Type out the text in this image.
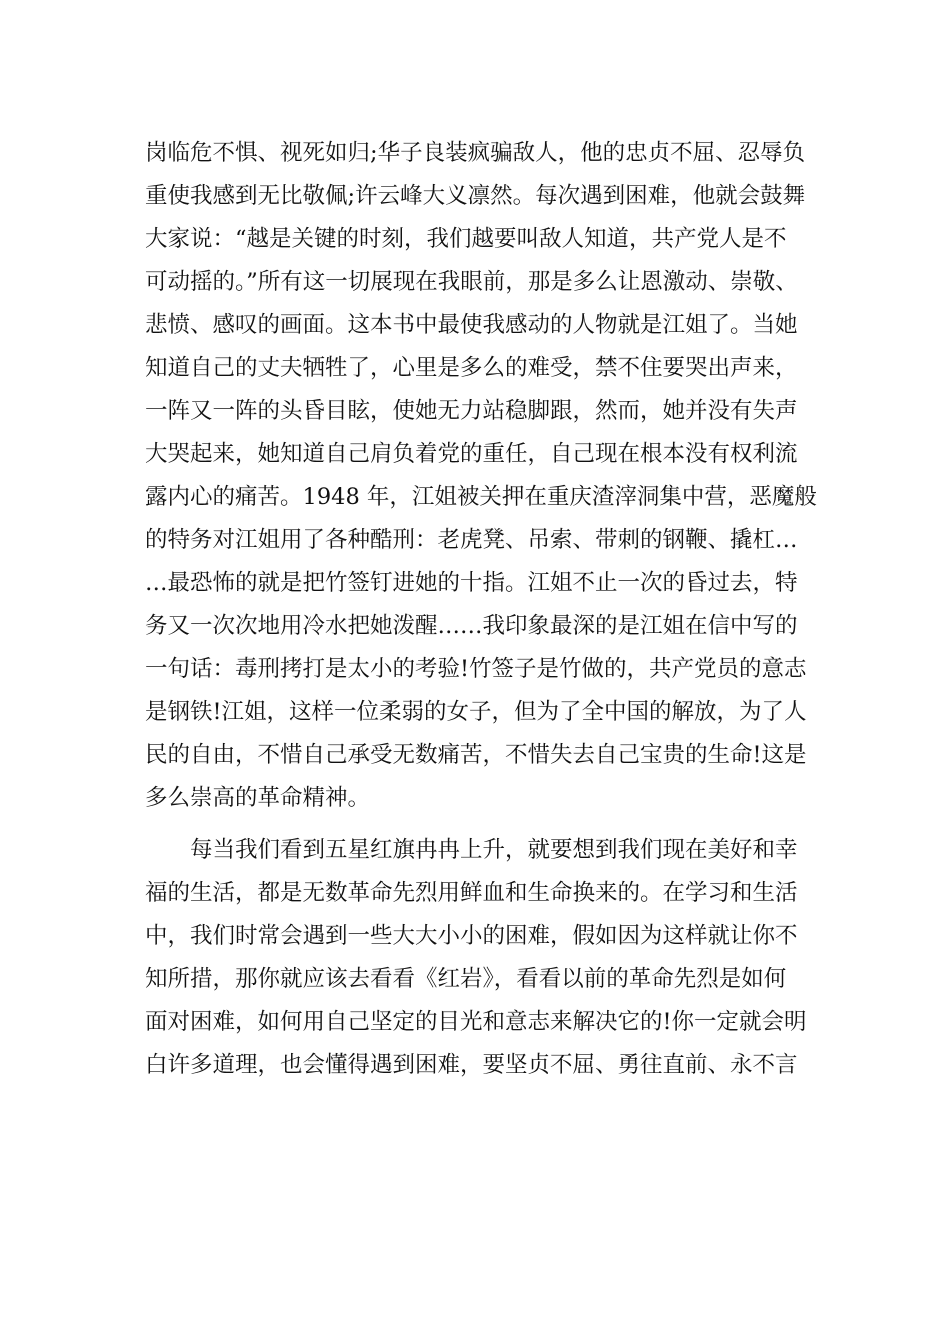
岗临危不惧、视死如归;华子良装疯骗敌人，他的忠贞不屈、忍辱负
重使我感到无比敬佩;许云峰大义凛然。每次遇到困难，他就会鼓舞
大家说：“越是关键的时刻，我们越要叫敌人知道，共产党人是不
可动摇的。”所有这一切展现在我眼前，那是多么让恩激动、崇敬、
悲愤、感叹的画面。这本书中最使我感动的人物就是江姐了。当她
知道自己的丈夫牺牲了，心里是多么的难受，禁不住要哭出声来，
一阵又一阵的头昏目眩，使她无力站稳脚跟，然而，她并没有失声
大哭起来，她知道自己肩负着党的重任，自己现在根本没有权利流
露内心的痛苦。1948 年，江姐被关押在重庆渣滓洞集中营，恶魔般
的特务对江姐用了各种酷刑：老虎凳、吊索、带刺的钢鞭、撬杠…
…最恐怖的就是把竹签钉进她的十指。江姐不止一次的昏过去，特
务又一次次地用冷水把她泼醒……我印象最深的是江姐在信中写的
一句话：毒刑拷打是太小的考验!竹签子是竹做的，共产党员的意志
是钢铁!江姐，这样一位柔弱的女子，但为了全中国的解放，为了人
民的自由，不惜自己承受无数痛苦，不惜失去自己宝贵的生命!这是
多么崇高的革命精神。
每当我们看到五星红旗冉冉上升，就要想到我们现在美好和幸
福的生活，都是无数革命先烈用鲜血和生命换来的。在学习和生活
中，我们时常会遇到一些大大小小的困难，假如因为这样就让你不
知所措，那你就应该去看看《红岩》，看看以前的革命先烈是如何
面对困难，如何用自己坚定的目光和意志来解决它的!你一定就会明
白许多道理，也会懂得遇到困难，要坚贞不屈、勇往直前、永不言
